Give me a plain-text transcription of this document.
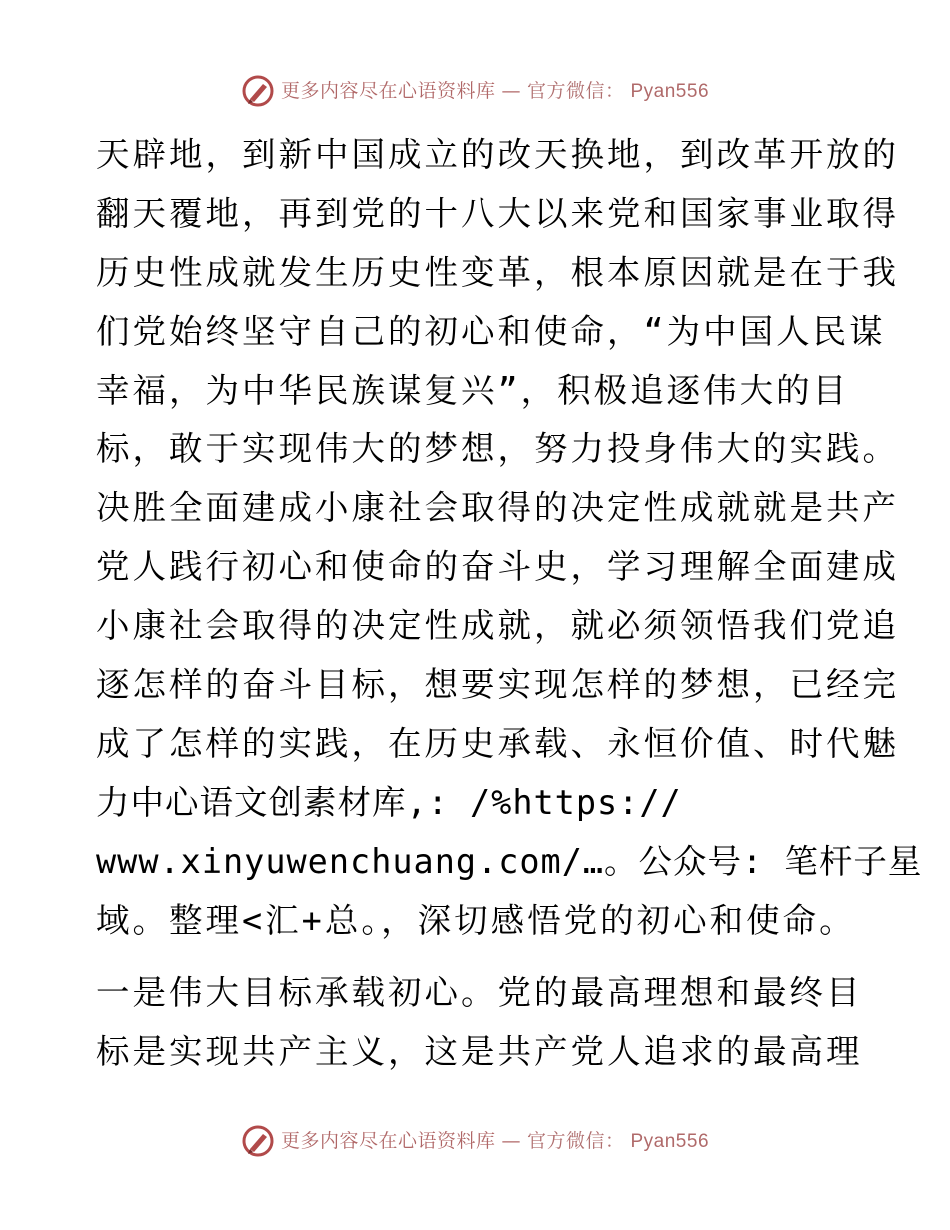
更多内容尽在心语资料库 — 官方微信： Pyan556
天辟地，到新中国成立的改天换地，到改革开放的
翻天覆地，再到党的十八大以来党和国家事业取得
历史性成就发生历史性变革，根本原因就是在于我
们党始终坚守自己的初心和使命，“为中国人民谋
幸福，为中华民族谋复兴”，积极追逐伟大的目
标，敢于实现伟大的梦想，努力投身伟大的实践。
决胜全面建成小康社会取得的决定性成就就是共产
党人践行初心和使命的奋斗史，学习理解全面建成
小康社会取得的决定性成就，就必须领悟我们党追
逐怎样的奋斗目标，想要实现怎样的梦想，已经完
成了怎样的实践，在历史承载、永恒价值、时代魅
力中心语文创素材库,: /%https://
www.xinyuwenchuang.com/…。公众号: 笔杆子星
域。整理<汇+总。，深切感悟党的初心和使命。
一是伟大目标承载初心。党的最高理想和最终目
标是实现共产主义，这是共产党人追求的最高理
更多内容尽在心语资料库 — 官方微信： Pyan556
